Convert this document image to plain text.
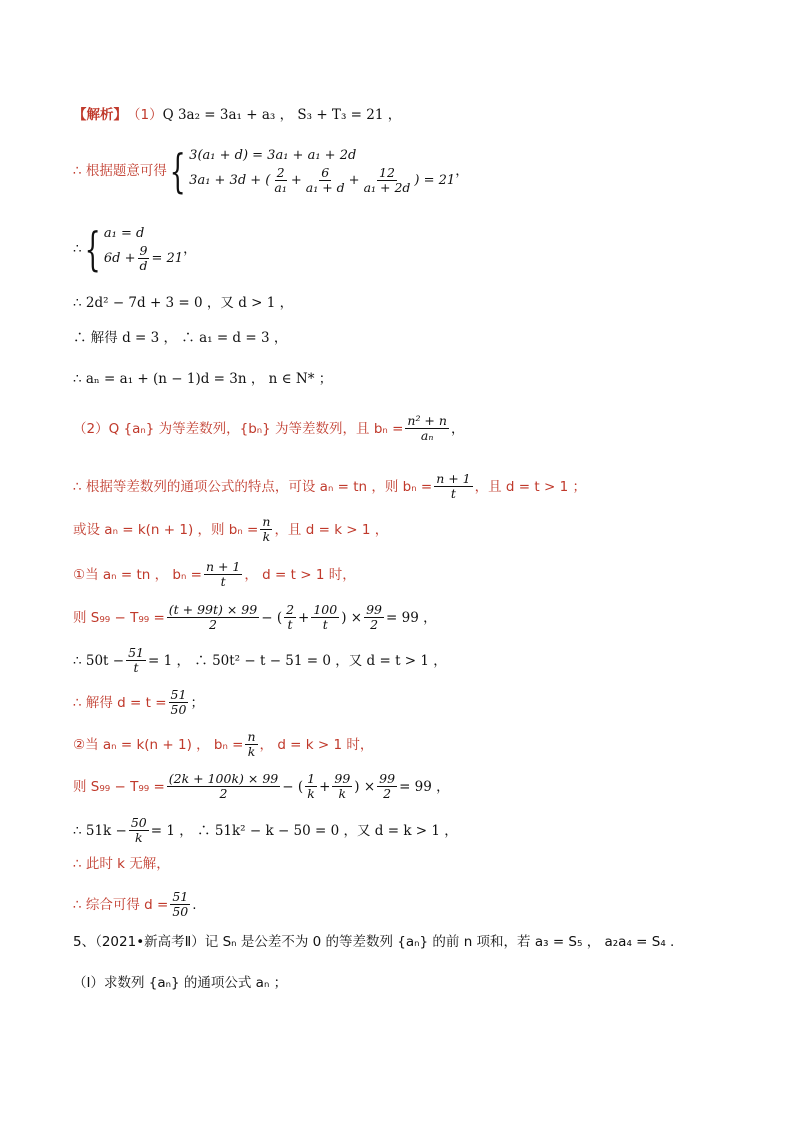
【解析】 （1） Q 3a₂ = 3a₁ + a₃ ， S₃ + T₃ = 21 ，
∴ 根据题意可得 { 3(a₁ + d) = 3a₁ + a₁ + 2d
3a₁ + 3d + ( $\frac{2}{\text{a₁}} + \frac{6}{\text{a₁ + d}} + \frac{12}{\text{a₁ + 2d}}$ ) = 21
，
∴ { a₁ = d
$6d + \frac{9}{d} = 21$
，
∴ 2d² − 7d + 3 = 0 ，又 d > 1 ，
∴ 解得 d = 3 ， ∴ a₁ = d = 3 ，
∴ aₙ = a₁ + (n − 1)d = 3n ， n ∈ N* ；
（2）Q {aₙ} 为等差数列，{bₙ} 为等差数列，且 $b_n = \frac{\text{n² + n}}{\text{aₙ}}$ ，
∴ 根据等差数列的通项公式的特点，可设 aₙ = tn ，则 $b_n = \frac{n + 1}{t}$ ，且 d = t > 1 ；
或设 aₙ = k(n + 1) ，则 $b_n = \frac{n}{k}$ ，且 d = k > 1 ，
①当 aₙ = tn ， $b_n = \frac{n + 1}{t}$ ， d = t > 1 时，
则 $S_{99} - T_{99} = \frac{(t + 99t) \times 99}{2}$ − ( $\frac{2}{t} + \frac{100}{t}$ ) × $\frac{99}{2} = 99$ ，
∴ $50t - \frac{51}{t} = 1$ ， ∴ 50t² − t − 51 = 0 ，又 d = t > 1 ，
∴ 解得 $d = t = \frac{51}{50}$ ；
②当 aₙ = k(n + 1) ， $b_n = \frac{n}{k}$ ， d = k > 1 时，
则 $S_{99} - T_{99} = \frac{(2k + 100k) \times 99}{2}$ − ( $\frac{1}{k} + \frac{99}{k}$ ) × $\frac{99}{2} = 99$ ，
∴ $51k - \frac{50}{k} = 1$ ， ∴ 51k² − k − 50 = 0 ，又 d = k > 1 ，
∴ 此时 k 无解，
∴ 综合可得 $d = \frac{51}{50}$ .
5、（2021•新高考Ⅱ）记 Sₙ 是公差不为 0 的等差数列 {aₙ} 的前 n 项和，若 a₃ = S₅ ， a₂a₄ = S₄ .
（Ⅰ）求数列 {aₙ} 的通项公式 aₙ ；
